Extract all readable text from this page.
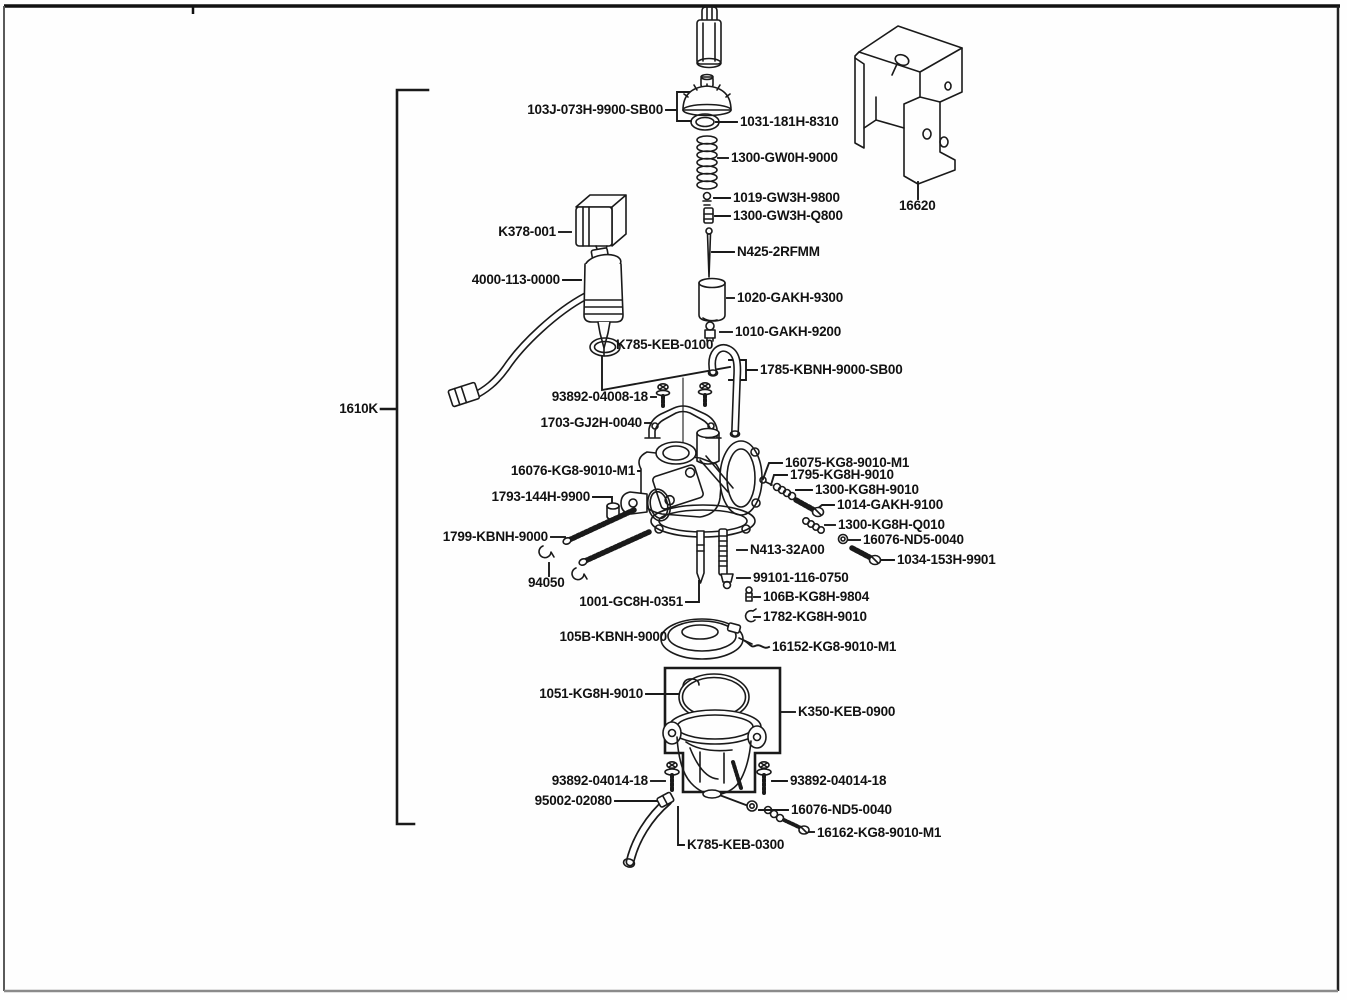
103J-073H-9900-SB00
1031-181H-8310
1300-GW0H-9000
1019-GW3H-9800
1300-GW3H-Q800
N425-2RFMM
1020-GAKH-9300
1010-GAKH-9200
16620
K378-001
4000-113-0000
K785-KEB-0100
1785-KBNH-9000-SB00
93892-04008-18
1703-GJ2H-0040
16076-KG8-9010-M1
16075-KG8-9010-M1
1795-KG8H-9010
1300-KG8H-9010
1014-GAKH-9100
1300-KG8H-Q010
16076-ND5-0040
1034-153H-9901
1793-144H-9900
1799-KBNH-9000
N413-32A00
94050	99101-116-0750
1001-GC8H-0351	106B-KG8H-9804
1782-KG8H-9010
105B-KBNH-9000
16152-KG8-9010-M1
1051-KG8H-9010
K350-KEB-0900
93892-04014-18	93892-04014-18
95002-02080
16076-ND5-0040
16162-KG8-9010-M1
K785-KEB-0300
1610K
